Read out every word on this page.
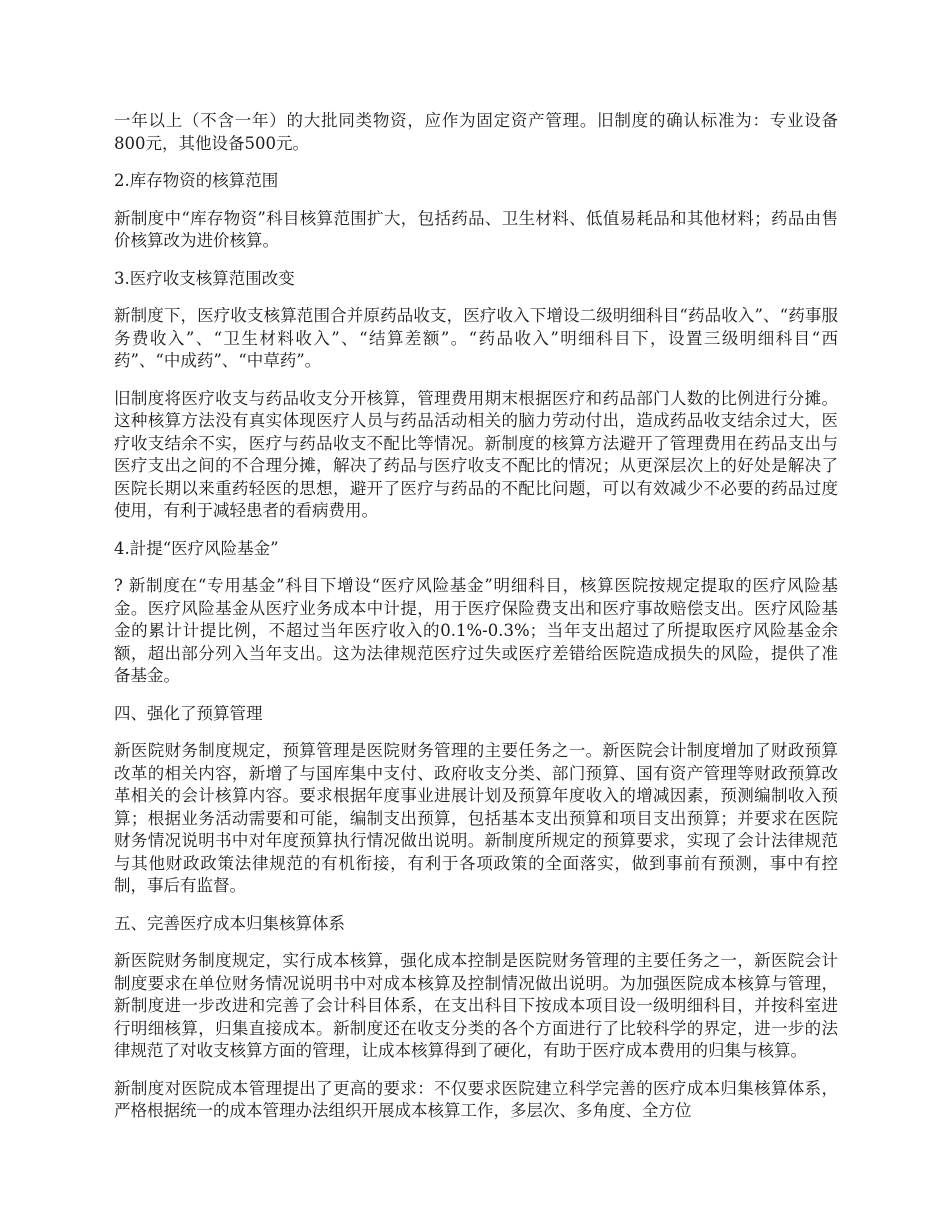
一年以上（不含一年）的大批同类物资，应作为固定资产管理。旧制度的确认标准为：专业设备800元，其他设备500元。

2.库存物资的核算范围

新制度中“库存物资”科目核算范围扩大，包括药品、卫生材料、低值易耗品和其他材料；药品由售价核算改为进价核算。

3.医疗收支核算范围改变

新制度下，医疗收支核算范围合并原药品收支，医疗收入下增设二级明细科目“药品收入”、“药事服务费收入”、“卫生材料收入”、“结算差额”。“药品收入”明细科目下，设置三级明细科目“西药”、“中成药”、“中草药”。

旧制度将医疗收支与药品收支分开核算，管理费用期末根据医疗和药品部门人数的比例进行分摊。这种核算方法没有真实体现医疗人员与药品活动相关的脑力劳动付出，造成药品收支结余过大，医疗收支结余不实，医疗与药品收支不配比等情况。新制度的核算方法避开了管理费用在药品支出与医疗支出之间的不合理分摊，解决了药品与医疗收支不配比的情况；从更深层次上的好处是解决了医院长期以来重药轻医的思想，避开了医疗与药品的不配比问题，可以有效减少不必要的药品过度使用，有利于减轻患者的看病费用。

4.計提“医疗风险基金”

? 新制度在“专用基金”科目下增设“医疗风险基金”明细科目，核算医院按规定提取的医疗风险基金。医疗风险基金从医疗业务成本中计提，用于医疗保险费支出和医疗事故赔偿支出。医疗风险基金的累计计提比例，不超过当年医疗收入的0.1%-0.3%；当年支出超过了所提取医疗风险基金余额，超出部分列入当年支出。这为法律规范医疗过失或医疗差错给医院造成损失的风险，提供了准备基金。

四、强化了预算管理

新医院财务制度规定，预算管理是医院财务管理的主要任务之一。新医院会计制度增加了财政预算改革的相关内容，新增了与国库集中支付、政府收支分类、部门预算、国有资产管理等财政预算改革相关的会计核算内容。要求根据年度事业进展计划及预算年度收入的增减因素，预测编制收入预算；根据业务活动需要和可能，编制支出预算，包括基本支出预算和项目支出预算；并要求在医院财务情况说明书中对年度预算执行情况做出说明。新制度所规定的预算要求，实现了会计法律规范与其他财政政策法律规范的有机衔接，有利于各项政策的全面落实，做到事前有预测，事中有控制，事后有监督。

五、完善医疗成本归集核算体系

新医院财务制度规定，实行成本核算，强化成本控制是医院财务管理的主要任务之一，新医院会计制度要求在单位财务情况说明书中对成本核算及控制情况做出说明。为加强医院成本核算与管理，新制度进一步改进和完善了会计科目体系，在支出科目下按成本项目设一级明细科目，并按科室进行明细核算，归集直接成本。新制度还在收支分类的各个方面进行了比较科学的界定，进一步的法律规范了对收支核算方面的管理，让成本核算得到了硬化，有助于医疗成本费用的归集与核算。

新制度对医院成本管理提出了更高的要求：不仅要求医院建立科学完善的医疗成本归集核算体系，严格根据统一的成本管理办法组织开展成本核算工作，多层次、多角度、全方位
